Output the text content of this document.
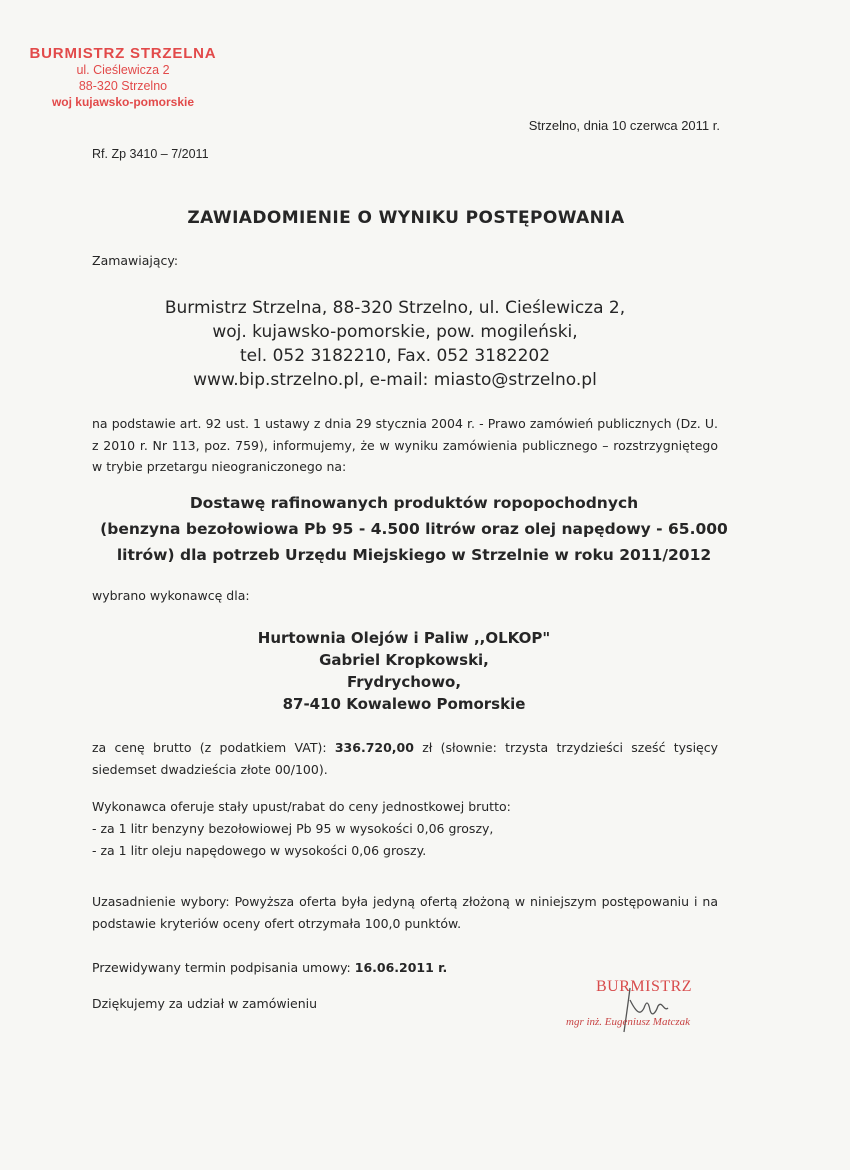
BURMISTRZ STRZELNA
ul. Cieślewicza 2
88-320 Strzelno
woj kujawsko-pomorskie
Strzelno, dnia 10 czerwca 2011 r.
Rf. Zp 3410 – 7/2011
ZAWIADOMIENIE O WYNIKU POSTĘPOWANIA
Zamawiający:
Burmistrz Strzelna, 88-320 Strzelno, ul. Cieślewicza 2,
woj. kujawsko-pomorskie, pow. mogileński,
tel. 052 3182210, Fax. 052 3182202
www.bip.strzelno.pl, e-mail: miasto@strzelno.pl
na podstawie art. 92 ust. 1 ustawy z dnia 29 stycznia 2004 r. - Prawo zamówień publicznych (Dz. U. z 2010 r. Nr 113, poz. 759), informujemy, że w wyniku zamówienia publicznego – rozstrzygniętego w trybie przetargu nieograniczonego na:
Dostawę rafinowanych produktów ropopochodnych
(benzyna bezołowiowa Pb 95 - 4.500 litrów oraz olej napędowy - 65.000
litrów) dla potrzeb Urzędu Miejskiego w Strzelnie w roku 2011/2012
wybrano wykonawcę dla:
Hurtownia Olejów i Paliw ,,OLKOP"
Gabriel Kropkowski,
Frydrychowo,
87-410 Kowalewo Pomorskie
za cenę brutto (z podatkiem VAT): 336.720,00 zł (słownie: trzysta trzydzieści sześć tysięcy siedemset dwadzieścia złote 00/100).
Wykonawca oferuje stały upust/rabat do ceny jednostkowej brutto:
- za 1 litr benzyny bezołowiowej Pb 95 w wysokości 0,06 groszy,
- za 1 litr oleju napędowego w wysokości 0,06 groszy.
Uzasadnienie wybory: Powyższa oferta była jedyną ofertą złożoną w niniejszym postępowaniu i na podstawie kryteriów oceny ofert otrzymała 100,0 punktów.
Przewidywany termin podpisania umowy: 16.06.2011 r.
Dziękujemy za udział w zamówieniu
BURMISTRZ
mgr inż. Eugeniusz Matczak
